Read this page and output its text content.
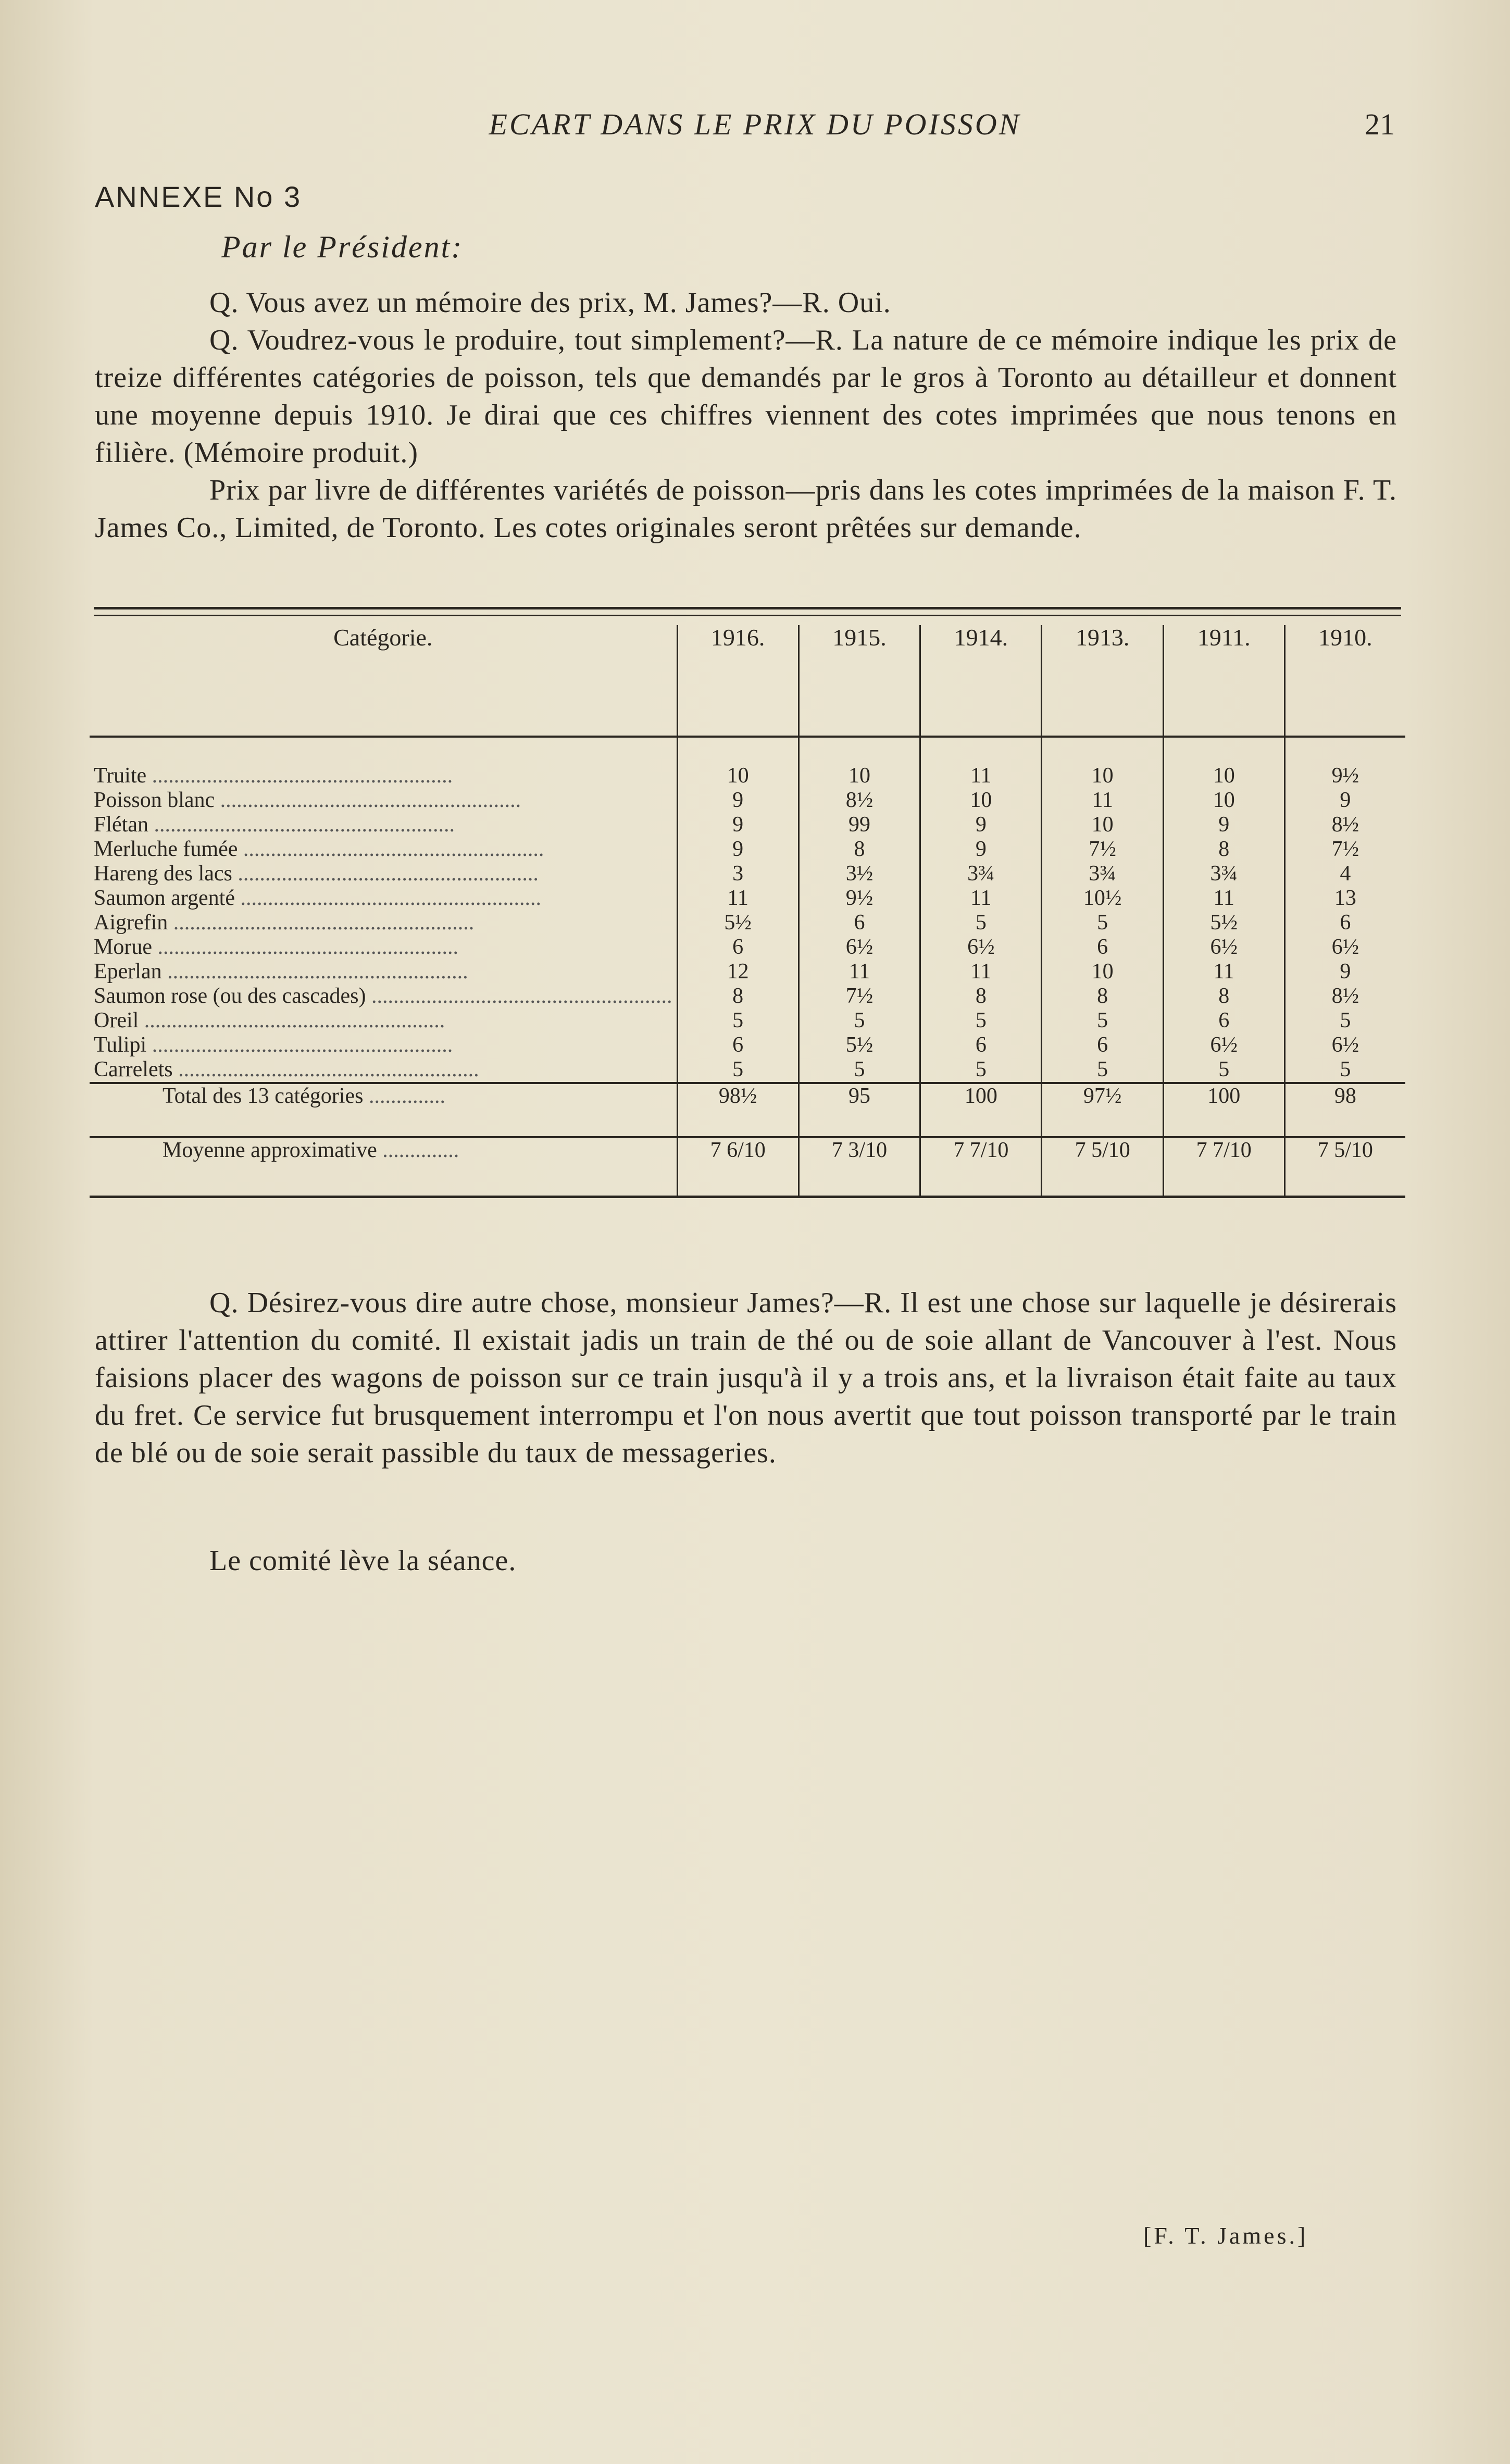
ECART DANS LE PRIX DU POISSON	21
ANNEXE No 3
Par le Président:

Q. Vous avez un mémoire des prix, M. James?—R. Oui.

Q. Voudrez-vous le produire, tout simplement?—R. La nature de ce mémoire indique les prix de treize différentes catégories de poisson, tels que demandés par le gros à Toronto au détailleur et donnent une moyenne depuis 1910. Je dirai que ces chiffres viennent des cotes imprimées que nous tenons en filière. (Mémoire produit.)

Prix par livre de différentes variétés de poisson—pris dans les cotes imprimées de la maison F. T. James Co., Limited, de Toronto. Les cotes originales seront prêtées sur demande.

Catégorie.	1916.	1915.	1914.	1913.	1911.	1910.

Truite .......................................................	10	10	11	10	10	9½
Poisson blanc .......................................................	9	8½	10	11	10	9
Flétan .......................................................	9	99	9	10	9	8½
Merluche fumée .......................................................	9	8	9	7½	8	7½
Hareng des lacs .......................................................	3	3½	3¾	3¾	3¾	4
Saumon argenté .......................................................	11	9½	11	10½	11	13
Aigrefin .......................................................	5½	6	5	5	5½	6
Morue .......................................................	6	6½	6½	6	6½	6½
Eperlan .......................................................	12	11	11	10	11	9
Saumon rose (ou des cascades) .......................................................	8	7½	8	8	8	8½
Oreil .......................................................	5	5	5	5	6	5
Tulipi .......................................................	6	5½	6	6	6½	6½
Carrelets .......................................................	5	5	5	5	5	5
Total des 13 catégories ..............	98½	95	100	97½	100	98
Moyenne approximative ..............	7 6/10	7 3/10	7 7/10	7 5/10	7 7/10	7 5/10

Q. Désirez-vous dire autre chose, monsieur James?—R. Il est une chose sur laquelle je désirerais attirer l'attention du comité. Il existait jadis un train de thé ou de soie allant de Vancouver à l'est. Nous faisions placer des wagons de poisson sur ce train jusqu'à il y a trois ans, et la livraison était faite au taux du fret. Ce service fut brusquement interrompu et l'on nous avertit que tout poisson transporté par le train de blé ou de soie serait passible du taux de messageries.

Le comité lève la séance.

[F. T. James.]
